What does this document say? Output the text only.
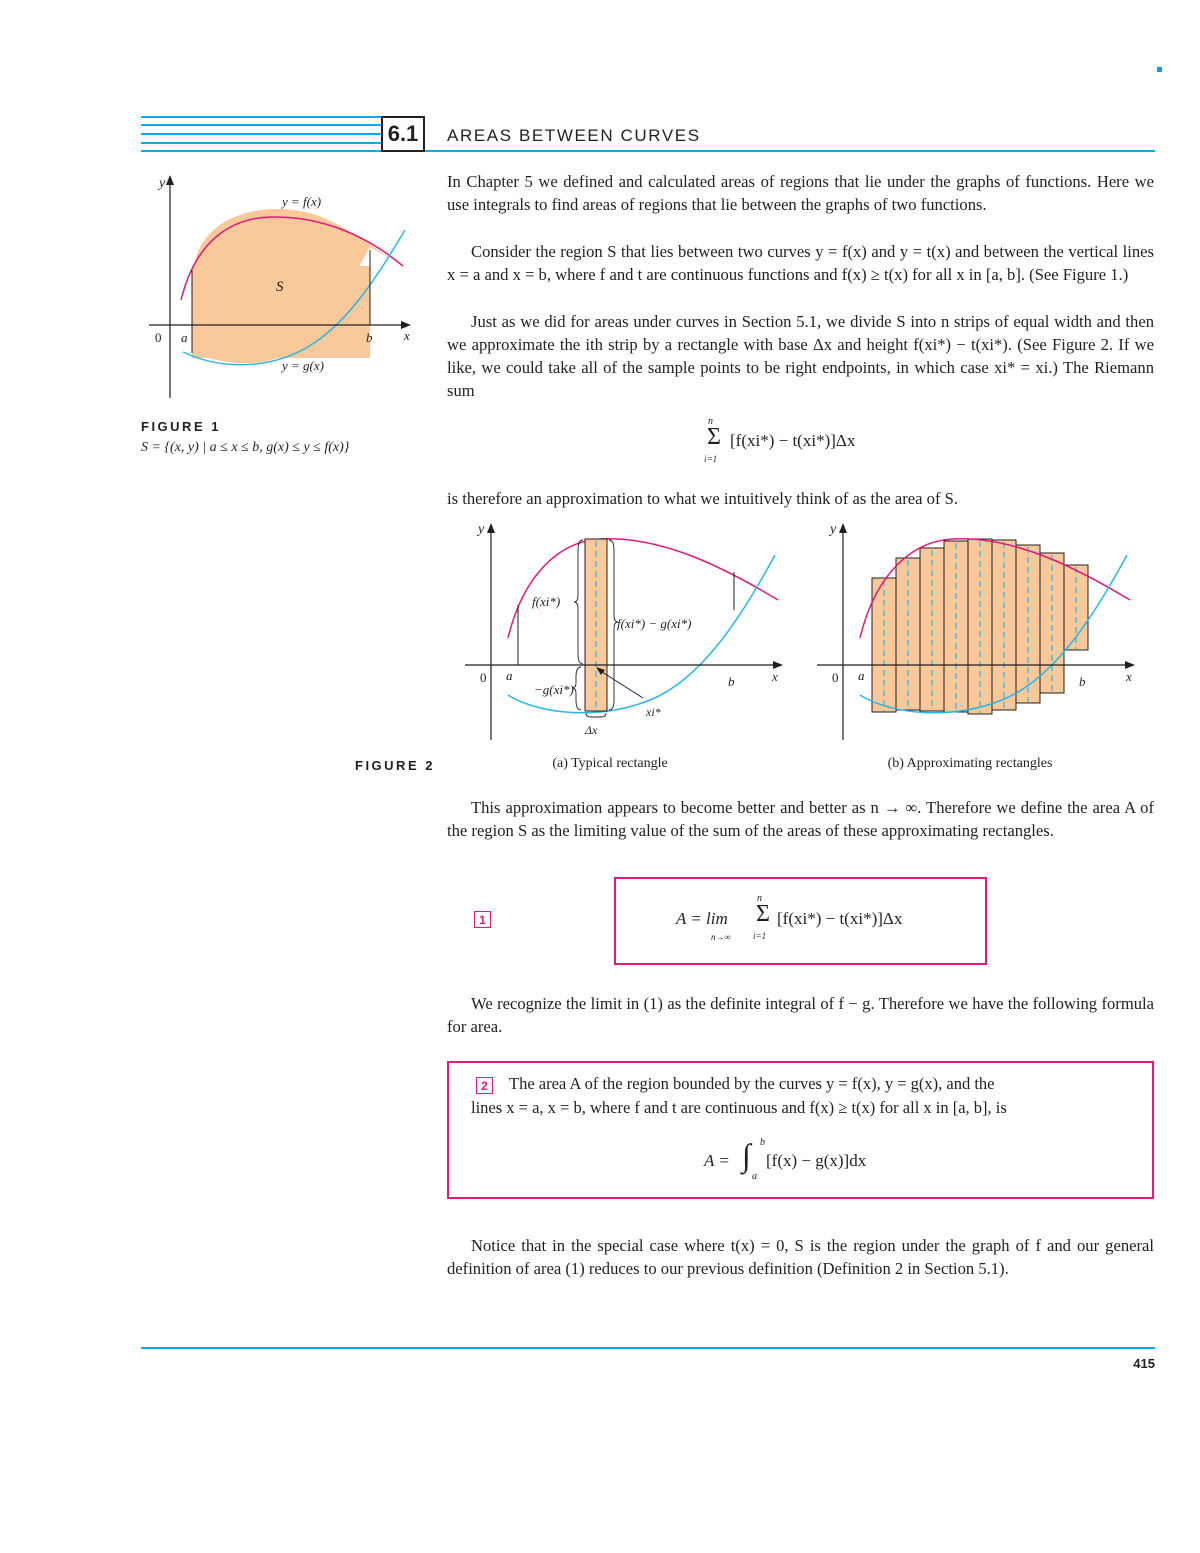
6.1	AREAS BETWEEN CURVES
y
x
0 a	b
S
y = f(x)
y = g(x)
FIGURE 1
S = {(x, y) | a ≤ x ≤ b, g(x) ≤ y ≤ f(x)}

In Chapter 5 we defined and calculated areas of regions that lie under the graphs of functions. Here we use integrals to find areas of regions that lie between the graphs of two functions.

Consider the region S that lies between two curves y = f(x) and y = t(x) and between the vertical lines x = a and x = b, where f and t are continuous functions and f(x) ≥ t(x) for all x in [a, b]. (See Figure 1.)

Just as we did for areas under curves in Section 5.1, we divide S into n strips of equal width and then we approximate the ith strip by a rectangle with base Δx and height f(xi*) − t(xi*). (See Figure 2. If we like, we could take all of the sample points to be right endpoints, in which case xi* = xi.) The Riemann sum

n
Σ
i=1
[f(xi*) − t(xi*)]Δx

is therefore an approximation to what we intuitively think of as the area of S.

y
x
0 a	b
f(xi*)
f(xi*) − g(xi*)
−g(xi*)
xi*
Δx
y
x
0 a	b
FIGURE 2	(a) Typical rectangle	(b) Approximating rectangles

This approximation appears to become better and better as n → ∞. Therefore we define the area A of the region S as the limiting value of the sum of the areas of these approximating rectangles.

1	A = lim
n→∞
n
Σ
i=1
[f(xi*) − t(xi*)]Δx

We recognize the limit in (1) as the definite integral of f − g. Therefore we have the following formula for area.

2	The area A of the region bounded by the curves y = f(x), y = g(x), and the
lines x = a, x = b, where f and t are continuous and f(x) ≥ t(x) for all x in [a, b], is
A = ∫ b
a
[f(x) − g(x)]dx

Notice that in the special case where t(x) = 0, S is the region under the graph of f and our general definition of area (1) reduces to our previous definition (Definition 2 in Section 5.1).

415
